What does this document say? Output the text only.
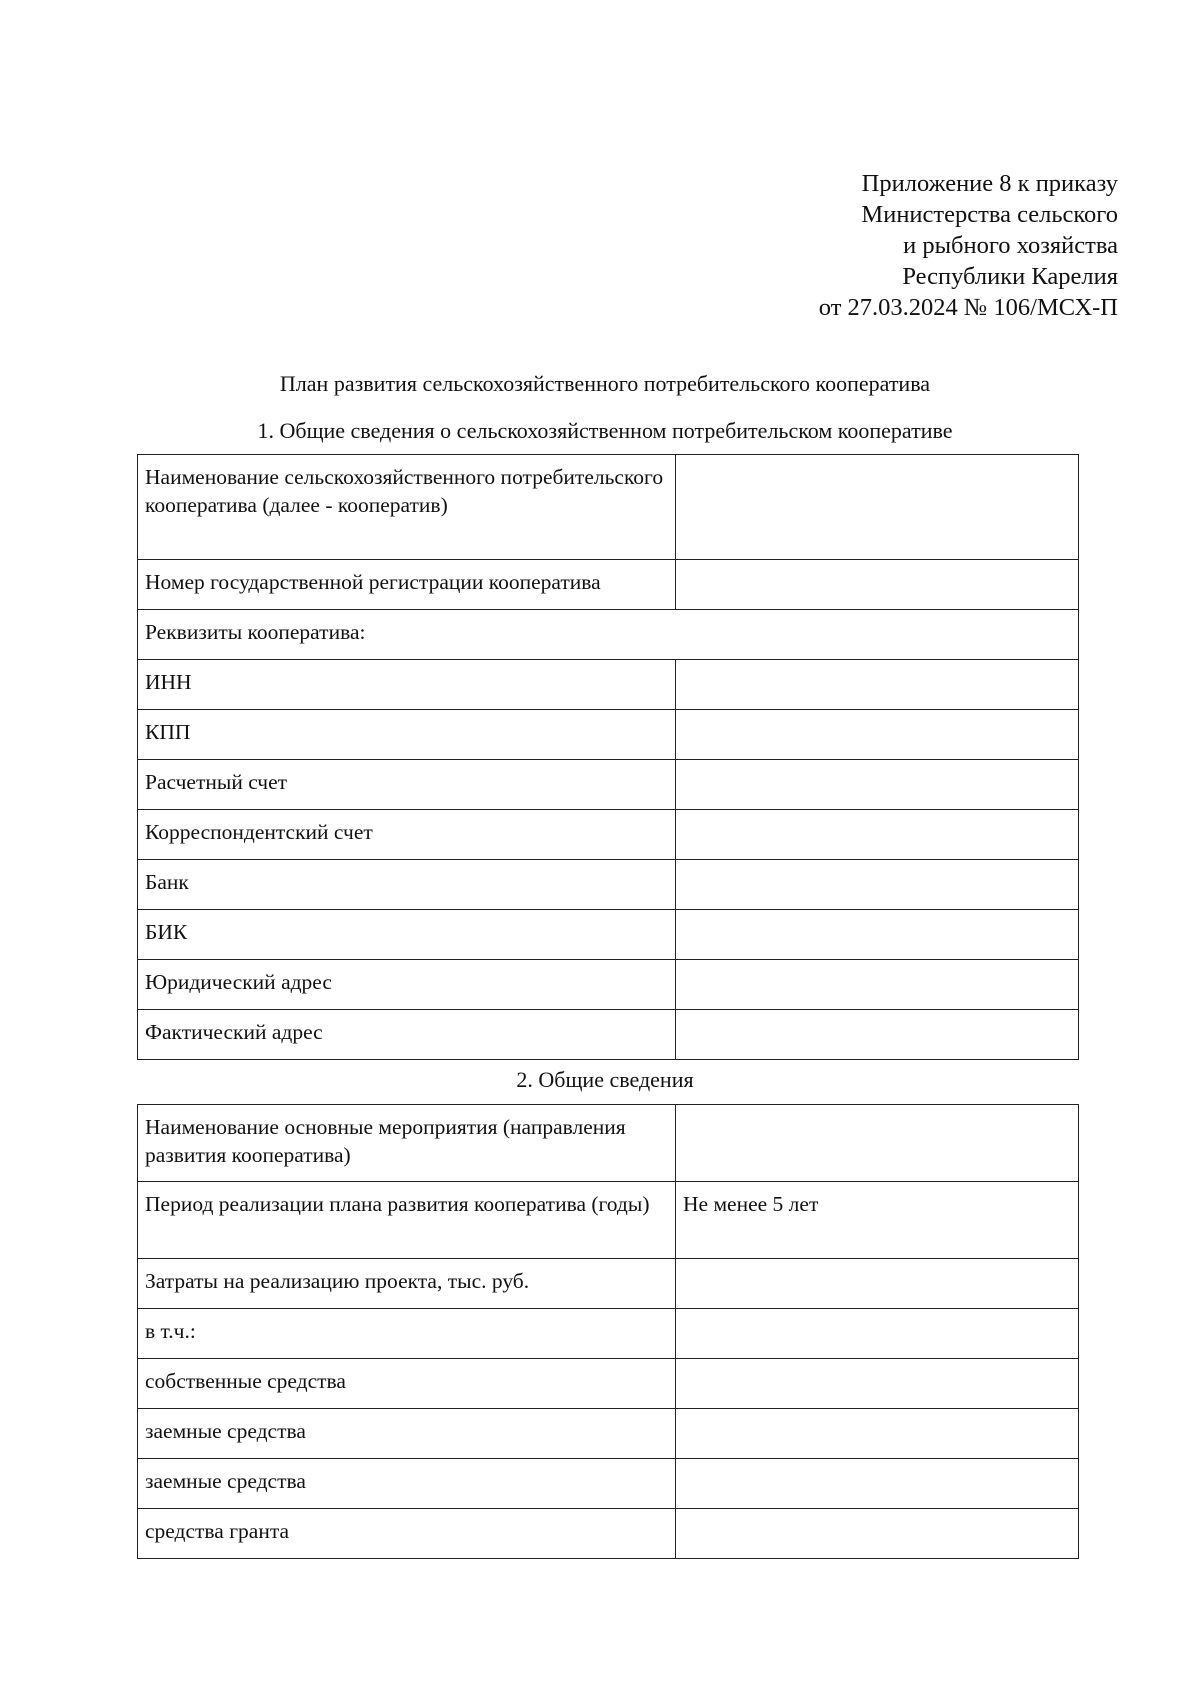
Приложение 8 к приказу
Министерства сельского
и рыбного хозяйства
Республики Карелия
от 27.03.2024 № 106/МСХ-П
План развития сельскохозяйственного потребительского кооператива
1. Общие сведения о сельскохозяйственном потребительском кооперативе
Наименование сельскохозяйственного потребительского кооператива (далее - кооператив)	
Номер государственной регистрации кооператива	
Реквизиты кооператива:	
ИНН	
КПП	
Расчетный счет	
Корреспондентский счет	
Банк	
БИК	
Юридический адрес	
Фактический адрес	
2. Общие сведения
Наименование основные мероприятия (направления развития кооператива)	
Период реализации плана развития кооператива (годы)	Не менее 5 лет
Затраты на реализацию проекта, тыс. руб.	
в т.ч.:	
собственные средства	
заемные средства	
заемные средства	
средства гранта	
